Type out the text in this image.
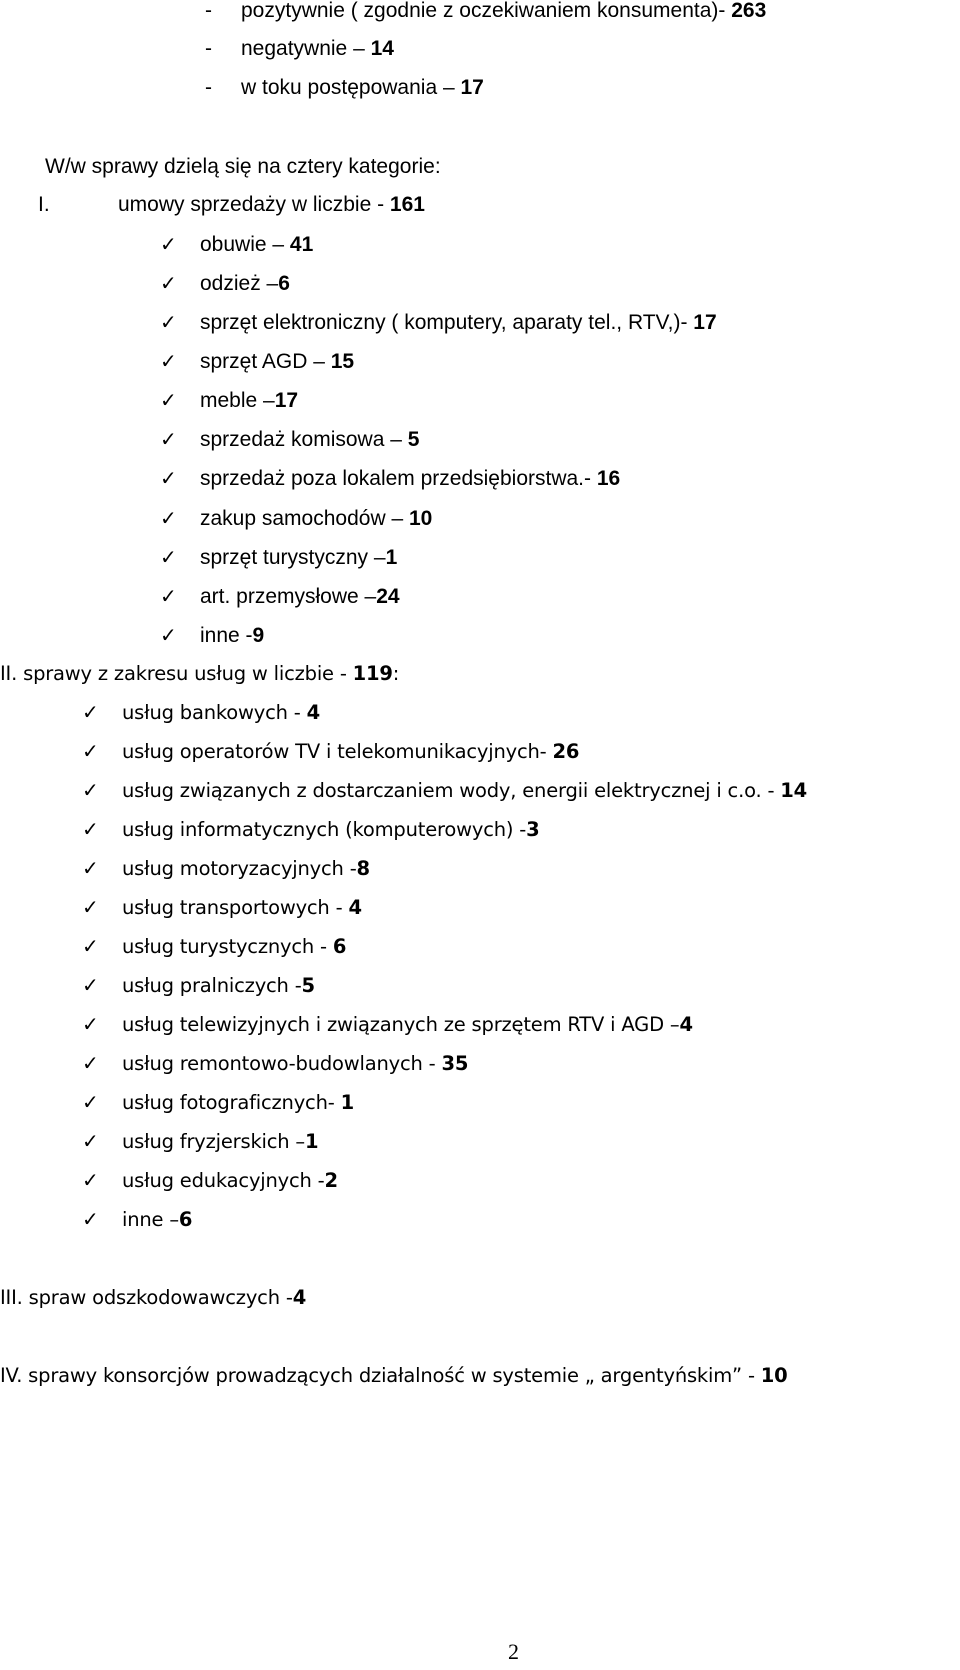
- pozytywnie ( zgodnie z oczekiwaniem konsumenta)- 263
- negatywnie – 14
- w toku postępowania – 17
W/w sprawy dzielą się na cztery kategorie:
I.	umowy sprzedaży w liczbie - 161
✓ obuwie – 41
✓ odzież –6
✓ sprzęt elektroniczny ( komputery, aparaty tel., RTV,)- 17
✓ sprzęt AGD – 15
✓ meble –17
✓ sprzedaż komisowa – 5
✓ sprzedaż poza lokalem przedsiębiorstwa.- 16
✓ zakup samochodów – 10
✓ sprzęt turystyczny –1
✓ art. przemysłowe –24
✓ inne -9
II. sprawy z zakresu usług w liczbie - 119:
✓ usług bankowych - 4
✓ usług operatorów TV i telekomunikacyjnych- 26
✓ usług związanych z dostarczaniem wody, energii elektrycznej i c.o. - 14
✓ usług informatycznych (komputerowych) -3
✓ usług motoryzacyjnych -8
✓ usług transportowych - 4
✓ usług turystycznych - 6
✓ usług pralniczych -5
✓ usług telewizyjnych i związanych ze sprzętem RTV i AGD –4
✓ usług remontowo-budowlanych - 35
✓ usług fotograficznych- 1
✓ usług fryzjerskich –1
✓ usług edukacyjnych -2
✓ inne –6
III. spraw odszkodowawczych -4
IV. sprawy konsorcjów prowadzących działalność w systemie „ argentyńskim” - 10
2
